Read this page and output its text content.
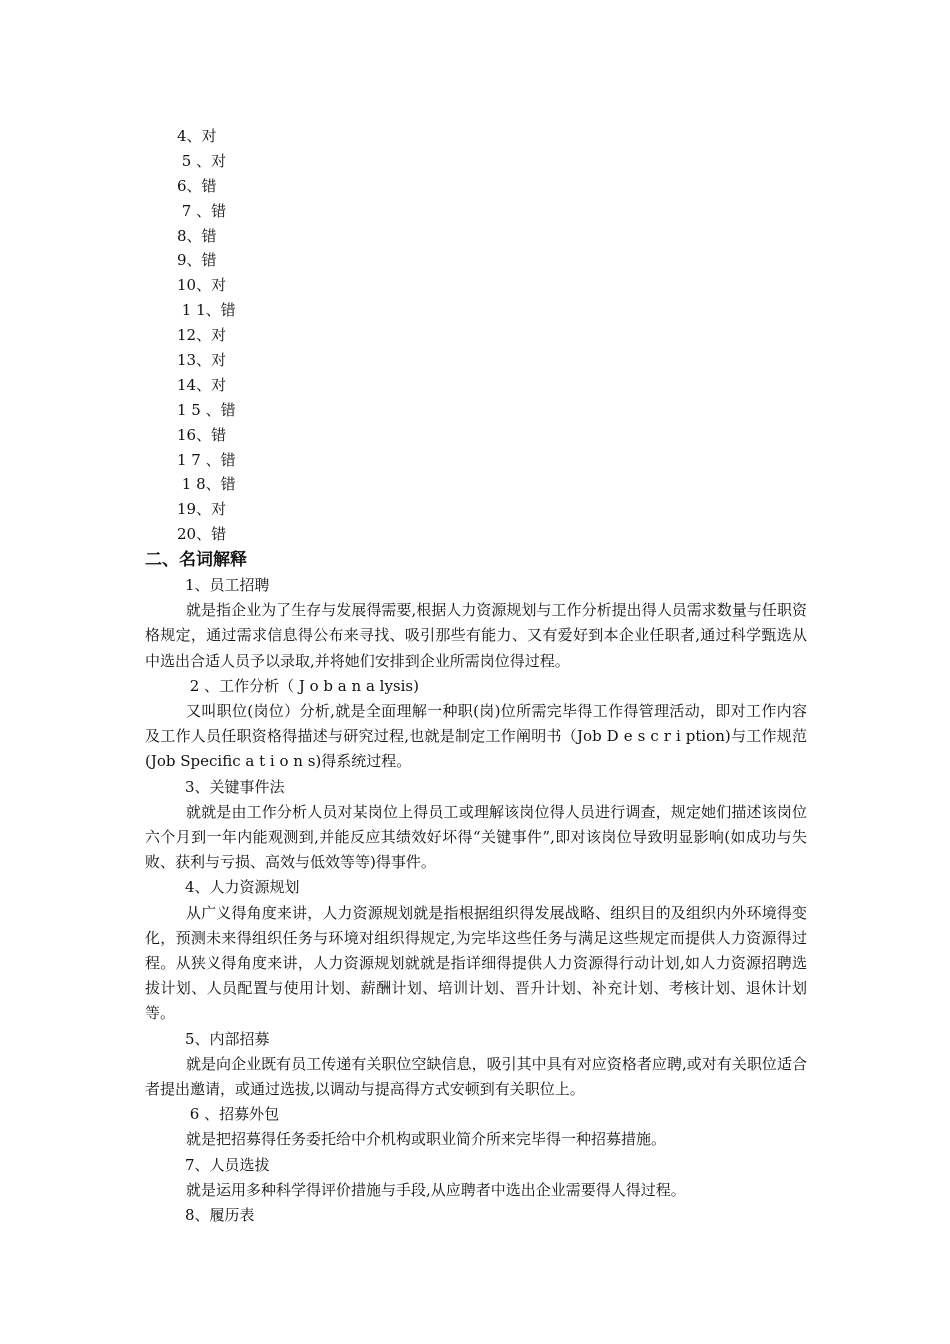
4、对
5 、对
6、错
7 、错
8、错
9、错
10、对
1 1、错
12、对
13、对
14、对
1 5 、错
16、错
1 7 、错
1 8、错
19、对
20、错
二、名词解释
1、员工招聘
就是指企业为了生存与发展得需要,根据人力资源规划与工作分析提出得人员需求数量与任职资格规定，通过需求信息得公布来寻找、吸引那些有能力、又有爱好到本企业任职者,通过科学甄选从中选出合适人员予以录取,并将她们安排到企业所需岗位得过程。
2 、工作分析（ J o b a n a lysis)
又叫职位(岗位）分析,就是全面理解一种职(岗)位所需完毕得工作得管理活动，即对工作内容及工作人员任职资格得描述与研究过程,也就是制定工作阐明书（Job D e s c r i ption)与工作规范(Job Specific a t i o n s)得系统过程。
3、关键事件法
就就是由工作分析人员对某岗位上得员工或理解该岗位得人员进行调查，规定她们描述该岗位六个月到一年内能观测到,并能反应其绩效好坏得“关键事件”,即对该岗位导致明显影响(如成功与失败、获利与亏损、高效与低效等等)得事件。
4、人力资源规划
从广义得角度来讲，人力资源规划就是指根据组织得发展战略、组织目的及组织内外环境得变化，预测未来得组织任务与环境对组织得规定,为完毕这些任务与满足这些规定而提供人力资源得过程。从狭义得角度来讲，人力资源规划就就是指详细得提供人力资源得行动计划,如人力资源招聘选拔计划、人员配置与使用计划、薪酬计划、培训计划、晋升计划、补充计划、考核计划、退休计划等。
5、内部招募
就是向企业既有员工传递有关职位空缺信息，吸引其中具有对应资格者应聘,或对有关职位适合者提出邀请，或通过选拔,以调动与提高得方式安顿到有关职位上。
6 、招募外包
就是把招募得任务委托给中介机构或职业简介所来完毕得一种招募措施。
7、人员选拔
就是运用多种科学得评价措施与手段,从应聘者中选出企业需要得人得过程。
8、履历表
